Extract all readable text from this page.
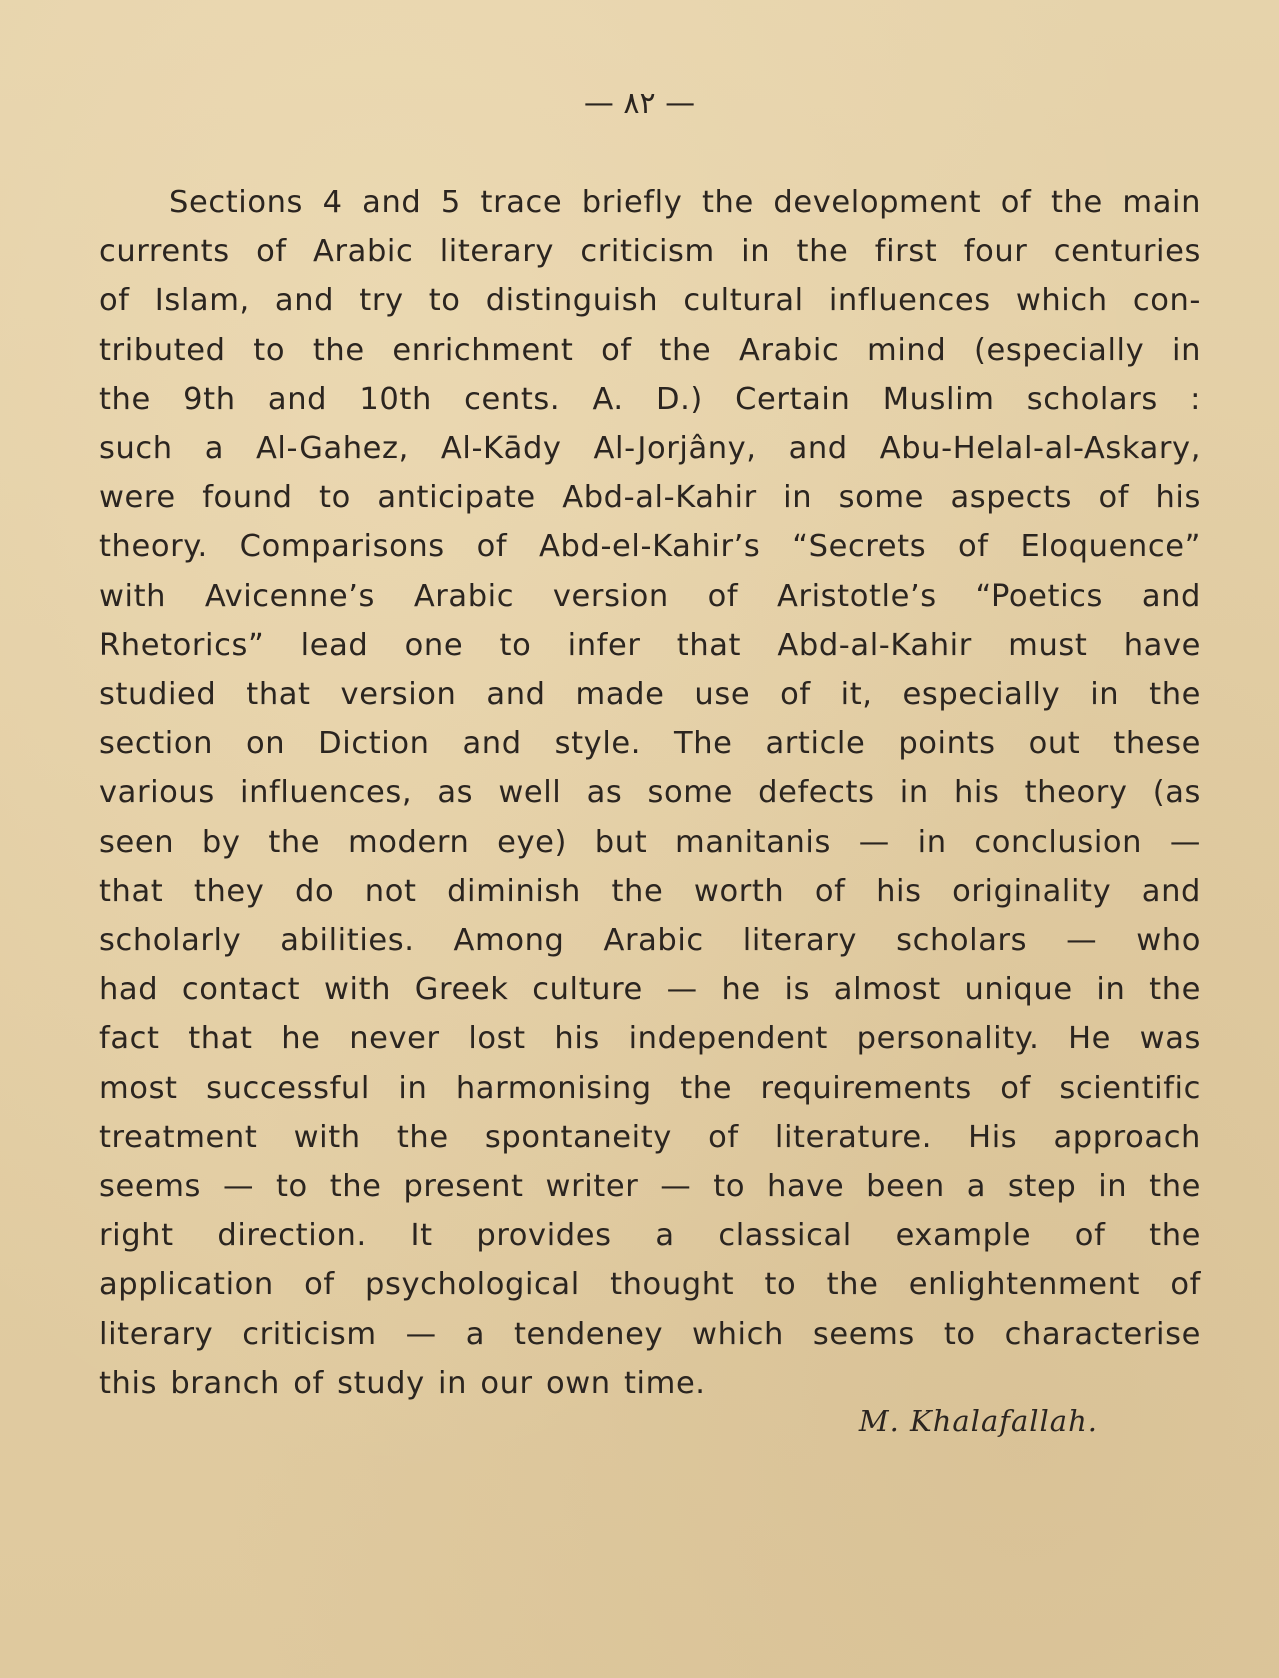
— ٨٢ —
Sections 4 and 5 trace briefly the development of the main
currents of Arabic literary criticism in the first four centuries
of Islam, and try to distinguish cultural influences which con-
tributed to the enrichment of the Arabic mind (especially in
the 9th and 10th cents. A. D.) Certain Muslim scholars :
such a Al-Gahez, Al-Kādy Al-Jorjâny, and Abu-Helal-al-Askary,
were found to anticipate Abd-al-Kahir in some aspects of his
theory. Comparisons of Abd-el-Kahir’s “Secrets of Eloquence”
with Avicenne’s Arabic version of Aristotle’s “Poetics and
Rhetorics” lead one to infer that Abd-al-Kahir must have
studied that version and made use of it, especially in the
section on Diction and style. The article points out these
various influences, as well as some defects in his theory (as
seen by the modern eye) but manitanis — in conclusion —
that they do not diminish the worth of his originality and
scholarly abilities. Among Arabic literary scholars — who
had contact with Greek culture — he is almost unique in the
fact that he never lost his independent personality. He was
most successful in harmonising the requirements of scientific
treatment with the spontaneity of literature. His approach
seems — to the present writer — to have been a step in the
right direction. It provides a classical example of the
application of psychological thought to the enlightenment of
literary criticism — a tendeney which seems to characterise
this branch of study in our own time.
M. Khalafallah.
